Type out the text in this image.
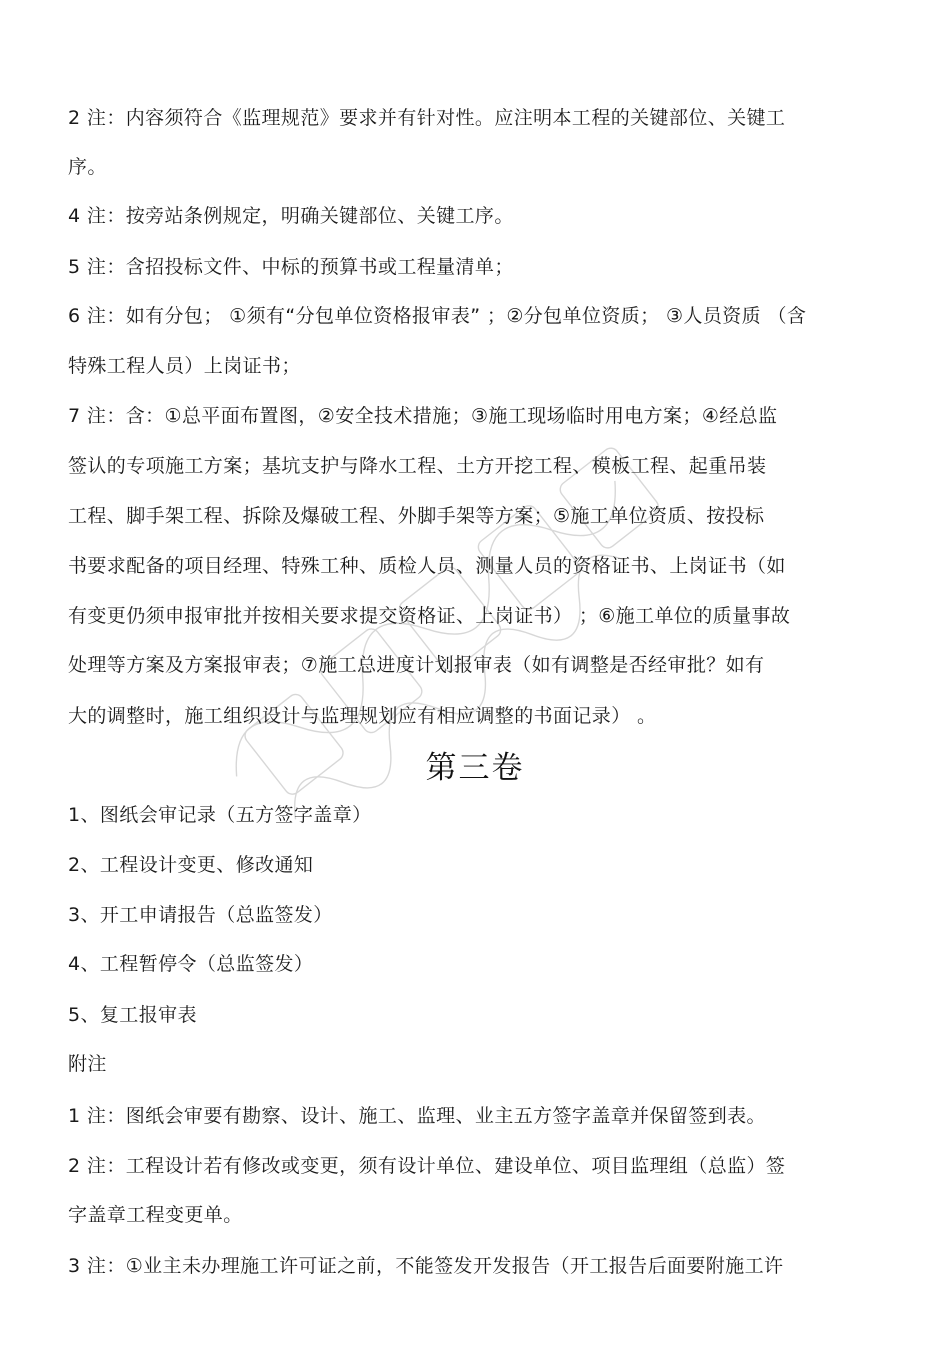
2 注：内容须符合《监理规范》要求并有针对性。应注明本工程的关键部位、关键工
序。
4 注：按旁站条例规定，明确关键部位、关键工序。
5 注：含招投标文件、中标的预算书或工程量清单；
6 注：如有分包； ①须有“分包单位资格报审表” ；②分包单位资质； ③人员资质 （含
特殊工程人员）上岗证书；
7 注：含：①总平面布置图，②安全技术措施；③施工现场临时用电方案；④经总监
签认的专项施工方案；基坑支护与降水工程、土方开挖工程、模板工程、起重吊装
工程、脚手架工程、拆除及爆破工程、外脚手架等方案；⑤施工单位资质、按投标
书要求配备的项目经理、特殊工种、质检人员、测量人员的资格证书、上岗证书（如
有变更仍须申报审批并按相关要求提交资格证、上岗证书） ；⑥施工单位的质量事故
处理等方案及方案报审表；⑦施工总进度计划报审表（如有调整是否经审批？如有
大的调整时，施工组织设计与监理规划应有相应调整的书面记录） 。
第三卷
1、图纸会审记录（五方签字盖章）
2、工程设计变更、修改通知
3、开工申请报告（总监签发）
4、工程暂停令（总监签发）
5、复工报审表
附注
1 注：图纸会审要有勘察、设计、施工、监理、业主五方签字盖章并保留签到表。
2 注：工程设计若有修改或变更，须有设计单位、建设单位、项目监理组（总监）签
字盖章工程变更单。
3 注：①业主未办理施工许可证之前，不能签发开发报告（开工报告后面要附施工许
